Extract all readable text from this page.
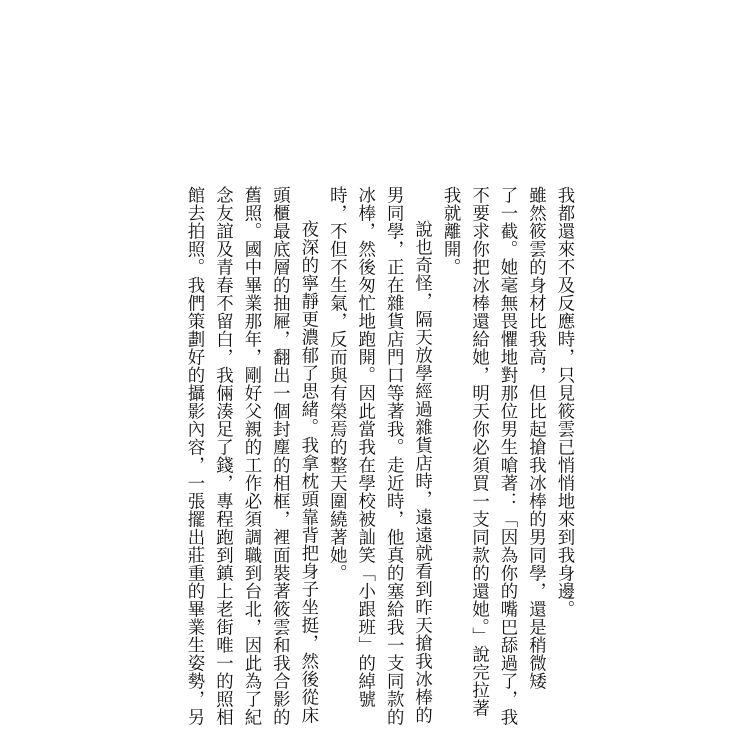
我都還來不及反應時，只見筱雲已悄悄地來到我身邊。
雖然筱雲的身材比我高，但比起搶我冰棒的男同學，還是稍微矮
了一截。她毫無畏懼地對那位男生嗆著：「因為你的嘴巴舔過了，我
不要求你把冰棒還給她，明天你必須買一支同款的還她。」說完拉著
我就離開。
說也奇怪，隔天放學經過雜貨店時，遠遠就看到昨天搶我冰棒的
男同學，正在雜貨店門口等著我。走近時，他真的塞給我一支同款的
冰棒，然後匆忙地跑開。因此當我在學校被訕笑「小跟班」的綽號
時，不但不生氣，反而與有榮焉的整天圍繞著她。
夜深的寧靜更濃郁了思緒。我拿枕頭靠背把身子坐挺，然後從床
頭櫃最底層的抽屜，翻出一個封塵的相框，裡面裝著筱雲和我合影的
舊照。國中畢業那年，剛好父親的工作必須調職到台北，因此為了紀
念友誼及青春不留白，我倆湊足了錢，專程跑到鎮上老街唯一的照相
館去拍照。我們策劃好的攝影內容，一張擺出莊重的畢業生姿勢，另
